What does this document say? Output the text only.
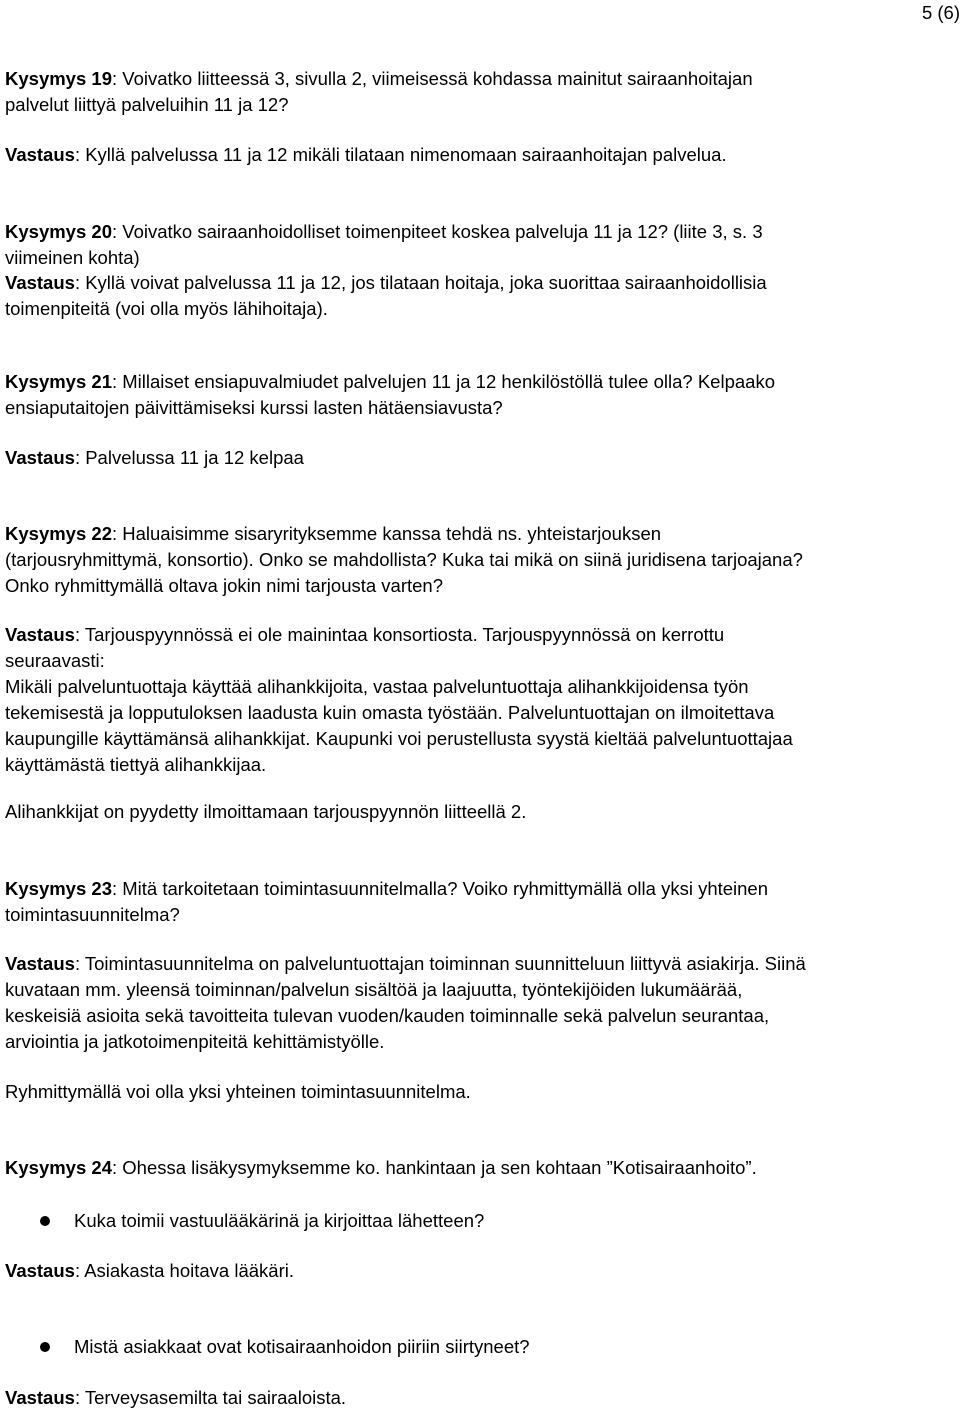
5 (6)
Kysymys 19: Voivatko liitteessä 3, sivulla 2, viimeisessä kohdassa mainitut sairaanhoitajan
palvelut liittyä palveluihin 11 ja 12?
Vastaus: Kyllä palvelussa 11 ja 12 mikäli tilataan nimenomaan sairaanhoitajan palvelua.
Kysymys 20: Voivatko sairaanhoidolliset toimenpiteet koskea palveluja 11 ja 12? (liite 3, s. 3
viimeinen kohta)
Vastaus: Kyllä voivat palvelussa 11 ja 12, jos tilataan hoitaja, joka suorittaa sairaanhoidollisia
toimenpiteitä (voi olla myös lähihoitaja).
Kysymys 21: Millaiset ensiapuvalmiudet palvelujen 11 ja 12 henkilöstöllä tulee olla? Kelpaako
ensiaputaitojen päivittämiseksi kurssi lasten hätäensiavusta?
Vastaus: Palvelussa 11 ja 12 kelpaa
Kysymys 22: Haluaisimme sisaryrityksemme kanssa tehdä ns. yhteistarjouksen
(tarjousryhmittymä, konsortio). Onko se mahdollista? Kuka tai mikä on siinä juridisena tarjoajana?
Onko ryhmittymällä oltava jokin nimi tarjousta varten?
Vastaus: Tarjouspyynnössä ei ole mainintaa konsortiosta. Tarjouspyynnössä on kerrottu
seuraavasti:
Mikäli palveluntuottaja käyttää alihankkijoita, vastaa palveluntuottaja alihankkijoidensa työn
tekemisestä ja lopputuloksen laadusta kuin omasta työstään. Palveluntuottajan on ilmoitettava
kaupungille käyttämänsä alihankkijat. Kaupunki voi perustellusta syystä kieltää palveluntuottajaa
käyttämästä tiettyä alihankkijaa.
Alihankkijat on pyydetty ilmoittamaan tarjouspyynnön liitteellä 2.
Kysymys 23: Mitä tarkoitetaan toimintasuunnitelmalla? Voiko ryhmittymällä olla yksi yhteinen
toimintasuunnitelma?
Vastaus: Toimintasuunnitelma on palveluntuottajan toiminnan suunnitteluun liittyvä asiakirja. Siinä
kuvataan mm. yleensä toiminnan/palvelun sisältöä ja laajuutta, työntekijöiden lukumäärää,
keskeisiä asioita sekä tavoitteita tulevan vuoden/kauden toiminnalle sekä palvelun seurantaa,
arviointia ja jatkotoimenpiteitä kehittämistyölle.
Ryhmittymällä voi olla yksi yhteinen toimintasuunnitelma.
Kysymys 24: Ohessa lisäkysymyksemme ko. hankintaan ja sen kohtaan ”Kotisairaanhoito”.
Kuka toimii vastuulääkärinä ja kirjoittaa lähetteen?
Vastaus: Asiakasta hoitava lääkäri.
Mistä asiakkaat ovat kotisairaanhoidon piiriin siirtyneet?
Vastaus: Terveysasemilta tai sairaaloista.
